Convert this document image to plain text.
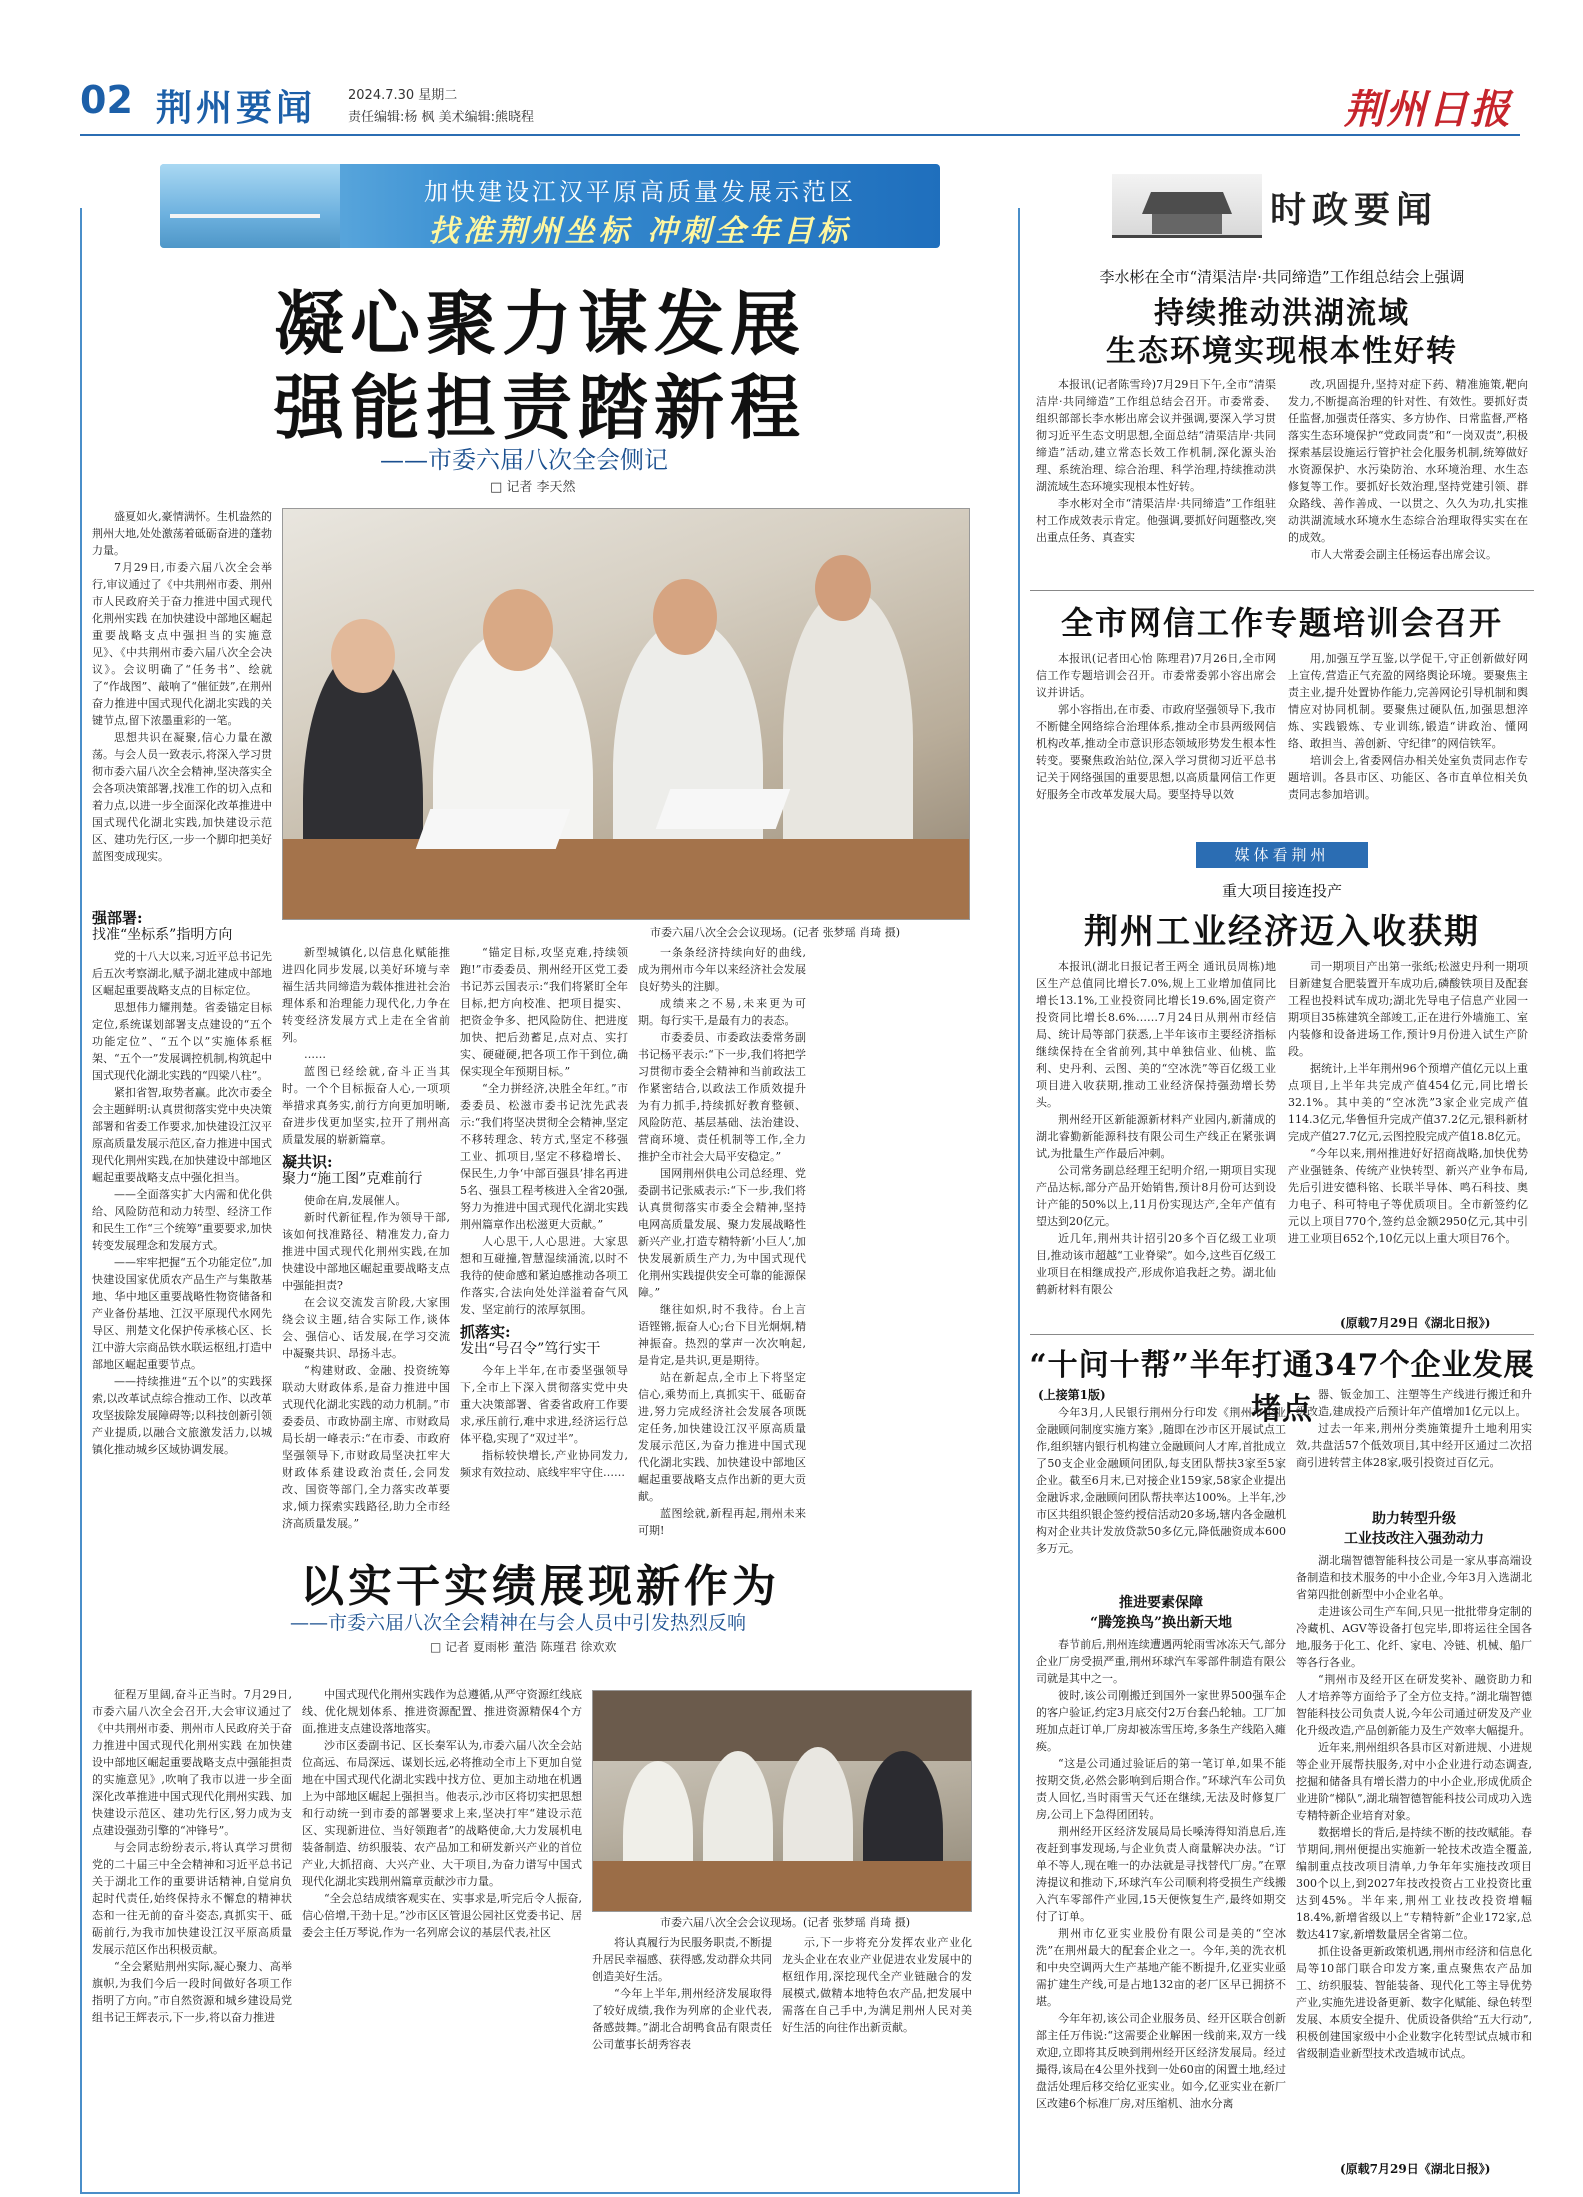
02 荆州要闻 2024.7.30 星期二
责任编辑:杨 枫 美术编辑:熊晓程	荆州日报
加快建设江汉平原高质量发展示范区
找准荆州坐标 冲刺全年目标
凝心聚力谋发展
强能担责踏新程
——市委六届八次全会侧记
□ 记者 李天然

盛夏如火,豪情满怀。生机盎然的荆州大地,处处激荡着砥砺奋进的蓬勃力量。

7月29日,市委六届八次全会举行,审议通过了《中共荆州市委、荆州市人民政府关于奋力推进中国式现代化荆州实践 在加快建设中部地区崛起重要战略支点中强担当的实施意见》、《中共荆州市委六届八次全会决议》。会议明确了“任务书”、绘就了“作战图”、敲响了“催征鼓”,在荆州奋力推进中国式现代化湖北实践的关键节点,留下浓墨重彩的一笔。

思想共识在凝聚,信心力量在激荡。与会人员一致表示,将深入学习贯彻市委六届八次全会精神,坚决落实全会各项决策部署,找准工作的切入点和着力点,以进一步全面深化改革推进中国式现代化湖北实践,加快建设示范区、建功先行区,一步一个脚印把美好蓝图变成现实。

市委六届八次全会会议现场。(记者 张梦瑶 肖琦 摄)
强部署:
找准“坐标系”指明方向

党的十八大以来,习近平总书记先后五次考察湖北,赋予湖北建成中部地区崛起重要战略支点的目标定位。

思想伟力耀荆楚。省委锚定目标定位,系统谋划部署支点建设的“五个功能定位”、“五个以”实施体系框架、“五个一”发展调控机制,构筑起中国式现代化湖北实践的“四梁八柱”。

紧扣省智,取势者赢。此次市委全会主题鲜明:认真贯彻落实党中央决策部署和省委工作要求,加快建设江汉平原高质量发展示范区,奋力推进中国式现代化荆州实践,在加快建设中部地区崛起重要战略支点中强化担当。

——全面落实扩大内需和优化供给、风险防范和动力转型、经济工作和民生工作“三个统筹”重要要求,加快转变发展理念和发展方式。

——牢牢把握“五个功能定位”,加快建设国家优质农产品生产与集散基地、华中地区重要战略性物资储备和产业备份基地、江汉平原现代水网先导区、荆楚文化保护传承核心区、长江中游大宗商品铁水联运枢纽,打造中部地区崛起重要节点。

——持续推进“五个以”的实践探索,以改革试点综合推动工作、以改革攻坚拔除发展障碍等;以科技创新引领产业提质,以融合文旅激发活力,以城镇化推动城乡区域协调发展。

新型城镇化,以信息化赋能推进四化同步发展,以美好环境与幸福生活共同缔造为载体推进社会治理体系和治理能力现代化,力争在转变经济发展方式上走在全省前列。

……

蓝图已经绘就,奋斗正当其时。一个个目标振奋人心,一项项举措求真务实,前行方向更加明晰,奋进步伐更加坚实,拉开了荆州高质量发展的崭新篇章。

凝共识:
聚力“施工图”克难前行

使命在肩,发展催人。

新时代新征程,作为领导干部,该如何找准路径、精准发力,奋力推进中国式现代化荆州实践,在加快建设中部地区崛起重要战略支点中强能担责?

在会议交流发言阶段,大家围绕会议主题,结合实际工作,谈体会、强信心、话发展,在学习交流中凝聚共识、昂扬斗志。

“构建财政、金融、投资统筹联动大财政体系,是奋力推进中国式现代化湖北实践的动力机制。”市委委员、市政协副主席、市财政局局长胡一峰表示:“在市委、市政府坚强领导下,市财政局坚决扛牢大财政体系建设政治责任,会同发改、国资等部门,全力落实改革要求,倾力探索实践路径,助力全市经济高质量发展。”

“锚定目标,攻坚克难,持续领跑!”市委委员、荆州经开区党工委书记苏云国表示:“我们将紧盯全年目标,把方向校准、把项目提实、把资金争多、把风险防住、把进度加快、把后劲蓄足,点对点、实打实、硬碰硬,把各项工作干到位,确保实现全年预期目标。”

“全力拼经济,决胜全年红。”市委委员、松滋市委书记沈先武表示:“我们将坚决贯彻全会精神,坚定不移转理念、转方式,坚定不移强工业、抓项目,坚定不移稳增长、保民生,力争‘中部百强县’排名再进5名、强县工程考核进入全省20强,努力为推进中国式现代化湖北实践荆州篇章作出松滋更大贡献。”

人心思干,人心思进。大家思想和互碰撞,智慧湿续涌流,以时不我待的使命感和紧迫感推动各项工作落实,合法向处处洋溢着奋气风发、坚定前行的浓厚氛围。

抓落实:
发出“号召令”笃行实干

今年上半年,在市委坚强领导下,全市上下深入贯彻落实党中央重大决策部署、省委省政府工作要求,承压前行,难中求进,经济运行总体平稳,实现了“双过半”。

指标较快增长,产业协同发力,频求有效拉动、底线牢牢守住……

一条条经济持续向好的曲线,成为荆州市今年以来经济社会发展良好势头的注脚。

成绩来之不易,未来更为可期。每行实干,是最有力的表态。

市委委员、市委政法委常务副书记杨平表示:“下一步,我们将把学习贯彻市委全会精神和当前政法工作紧密结合,以政法工作质效提升为有力抓手,持续抓好教育整顿、风险防范、基层基础、法治建设、营商环境、责任机制等工作,全力推护全市社会大局平安稳定。”

国网荆州供电公司总经理、党委副书记张威表示:“下一步,我们将认真贯彻落实市委全会精神,坚持电网高质量发展、聚力发展战略性新兴产业,打造专精特新‘小巨人’,加快发展新质生产力,为中国式现代化荆州实践提供安全可靠的能源保障。”

继往如炽,时不我待。台上言语铿锵,振奋人心;台下目光炯炯,精神振奋。热烈的掌声一次次响起,是肯定,是共识,更是期待。

站在新起点,全市上下将坚定信心,乘势而上,真抓实干、砥砺奋进,努力完成经济社会发展各项既定任务,加快建设江汉平原高质量发展示范区,为奋力推进中国式现代化湖北实践、加快建设中部地区崛起重要战略支点作出新的更大贡献。

蓝图绘就,新程再起,荆州未来可期!

以实干实绩展现新作为
——市委六届八次全会精神在与会人员中引发热烈反响
□ 记者 夏雨彬 董浩 陈瑾君 徐欢欢

征程万里阔,奋斗正当时。7月29日,市委六届八次全会召开,大会审议通过了《中共荆州市委、荆州市人民政府关于奋力推进中国式现代化荆州实践 在加快建设中部地区崛起重要战略支点中强能担责的实施意见》,吹响了我市以进一步全面深化改革推进中国式现代化荆州实践、加快建设示范区、建功先行区,努力成为支点建设强劲引擎的“冲锋号”。

与会同志纷纷表示,将认真学习贯彻党的二十届三中全会精神和习近平总书记关于湖北工作的重要讲话精神,自觉肩负起时代责任,始终保持永不懈怠的精神状态和一往无前的奋斗姿态,真抓实干、砥砺前行,为我市加快建设江汉平原高质量发展示范区作出积极贡献。

“全会紧贴荆州实际,凝心聚力、高举旗帜,为我们今后一段时间做好各项工作指明了方向。”市自然资源和城乡建设局党组书记王辉表示,下一步,将以奋力推进

中国式现代化荆州实践作为总遵循,从严守资源红线底线、优化规划体系、推进资源配置、推进资源精保4个方面,推进支点建设落地落实。

沙市区委副书记、区长秦军认为,市委六届八次全会站位高远、布局深远、谋划长远,必将推动全市上下更加自觉地在中国式现代化湖北实践中找方位、更加主动地在机遇上为中部地区崛起上强担当。他表示,沙市区将切实把思想和行动统一到市委的部署要求上来,坚决打牢“建设示范区、实现新进位、当好领跑者”的战略使命,大力发展机电装备制造、纺织服装、农产品加工和研发新兴产业的首位产业,大抓招商、大兴产业、大干项目,为奋力谱写中国式现代化湖北实践荆州篇章贡献沙市力量。

“全会总结成绩客观实在、实事求是,听完后令人振奋,信心倍增,干劲十足。”沙市区区管退公园社区党委书记、居委会主任万琴说,作为一名列席会议的基层代表,社区

市委六届八次全会会议现场。(记者 张梦瑶 肖琦 摄)

将认真履行为民服务职责,不断提升居民幸福感、获得感,发动群众共同创造美好生活。

“今年上半年,荆州经济发展取得了较好成绩,我作为列席的企业代表,备感鼓舞。”湖北合胡鸭食品有限责任公司董事长胡秀容表

示,下一步将充分发挥农业产业化龙头企业在农业产业促进农业发展中的枢纽作用,深挖现代全产业链融合的发展模式,做精本地特色农产品,把发展中需落在自己手中,为满足荆州人民对美好生活的向往作出新贡献。

时政要闻
李水彬在全市“清渠洁岸·共同缔造”工作组总结会上强调
持续推动洪湖流域
生态环境实现根本性好转

本报讯(记者陈雪玲)7月29日下午,全市“清渠洁岸·共同缔造”工作组总结会召开。市委常委、组织部部长李水彬出席会议并强调,要深入学习贯彻习近平生态文明思想,全面总结“清渠洁岸·共同缔造”活动,建立常态长效工作机制,深化源头治理、系统治理、综合治理、科学治理,持续推动洪湖流域生态环境实现根本性好转。

李水彬对全市“清渠洁岸·共同缔造”工作组驻村工作成效表示肯定。他强调,要抓好问题整改,突出重点任务、真查实

改,巩固提升,坚持对症下药、精准施策,靶向发力,不断提高治理的针对性、有效性。要抓好责任监督,加强责任落实、多方协作、日常监督,严格落实生态环境保护“党政同责”和“一岗双责”,积极探索基层设施运行管护社会化服务机制,统筹做好水资源保护、水污染防治、水环境治理、水生态修复等工作。要抓好长效治理,坚持党建引领、群众路线、善作善成、一以贯之、久久为功,扎实推动洪湖流域水环境水生态综合治理取得实实在在的成效。

市人大常委会副主任杨运春出席会议。

全市网信工作专题培训会召开

本报讯(记者田心怡 陈理君)7月26日,全市网信工作专题培训会召开。市委常委郭小容出席会议并讲话。

郭小容指出,在市委、市政府坚强领导下,我市不断健全网络综合治理体系,推动全市县两级网信机构改革,推动全市意识形态领域形势发生根本性转变。要聚焦政治站位,深入学习贯彻习近平总书记关于网络强国的重要思想,以高质量网信工作更好服务全市改革发展大局。要坚持导以效

用,加强互学互鉴,以学促干,守正创新做好网上宣传,营造正气充盈的网络舆论环境。要聚焦主责主业,提升处置协作能力,完善网论引导机制和舆情应对协同机制。要聚焦过硬队伍,加强思想淬炼、实践锻炼、专业训练,锻造“讲政治、懂网络、敢担当、善创新、守纪律”的网信铁军。

培训会上,省委网信办相关处室负责同志作专题培训。各县市区、功能区、各市直单位相关负责同志参加培训。

媒体看荆州
重大项目接连投产
荆州工业经济迈入收获期

本报讯(湖北日报记者王两全 通讯员周栋)地区生产总值同比增长7.0%,规上工业增加值同比增长13.1%,工业投资同比增长19.6%,固定资产投资同比增长8.6%……7月24日从荆州市经信局、统计局等部门获悉,上半年该市主要经济指标继续保持在全省前列,其中单独信业、仙桃、监利、史丹利、云图、美的“空冰洗”等百亿级工业项目进入收获期,推动工业经济保持强劲增长势头。

荆州经开区新能源新材料产业园内,新蒲成的湖北睿勤新能源科技有限公司生产线正在紧张调试,为批量生产作最后冲刺。

公司常务副总经理王纪明介绍,一期项目实现产品达标,部分产品开始销售,预计8月份可达到设计产能的50%以上,11月份实现达产,全年产值有望达到20亿元。

近几年,荆州共计招引20多个百亿级工业项目,推动该市超越“工业脊梁”。如今,这些百亿级工业项目在相继成投产,形成你追我赶之势。湖北仙鹤新材料有限公

司一期项目产出第一张纸;松滋史丹利一期项目新建复合肥装置开车成功后,磷酸铁项目及配套工程也投料试车成功;湖北先导电子信息产业园一期项目35栋建筑全部竣工,正在进行外墙施工、室内装修和设备进场工作,预计9月份进入试生产阶段。

据统计,上半年荆州96个预增产值亿元以上重点项目,上半年共完成产值454亿元,同比增长32.1%。其中美的“空冰洗”3家企业完成产值114.3亿元,华鲁恒升完成产值37.2亿元,银科新材完成产值27.7亿元,云图控股完成产值18.8亿元。

“今年以来,荆州推进好好招商战略,加快优势产业强链条、传统产业快转型、新兴产业争布局,先后引进安德科铭、长联半导体、鸣石科技、奥力电子、科可特电子等优质项目。全市新签约亿元以上项目770个,签约总金额2950亿元,其中引进工业项目652个,10亿元以上重大项目76个。

(原载7月29日《湖北日报》)
“十问十帮”半年打通347个企业发展堵点
(上接第1版)

今年3月,人民银行荆州分行印发《荆州市企业金融顾问制度实施方案》,随即在沙市区开展试点工作,组织辖内银行机构建立金融顾问人才库,首批成立了50支企业金融顾问团队,每支团队帮扶3家至5家企业。截至6月末,已对接企业159家,58家企业提出金融诉求,金融顾问团队帮扶率达100%。上半年,沙市区共组织银企签约授信活动20多场,辖内各金融机构对企业共计发放贷款50多亿元,降低融资成本600多万元。

推进要素保障
“腾笼换鸟”换出新天地

春节前后,荆州连续遭遇两轮雨雪冰冻天气,部分企业厂房受损严重,荆州环球汽车零部件制造有限公司就是其中之一。

彼时,该公司刚搬迁到国外一家世界500强车企的客户验证,约定3月底交付2万台套凸轮轴。工厂加班加点赶订单,厂房却被冻雪压垮,多条生产线陷入瘫痪。

“这是公司通过验证后的第一笔订单,如果不能按期交货,必然会影响到后期合作。”环球汽车公司负责人回忆,当时雨雪天气还在继续,无法及时修复厂房,公司上下急得团团转。

荆州经开区经济发展局局长嗓涛得知消息后,连夜赶到事发现场,与企业负责人商量解决办法。“订单不等人,现在唯一的办法就是寻找替代厂房。”在覃涛提议和推动下,环球汽车公司顺利将受损生产线搬入汽车零部件产业园,15天便恢复生产,最终如期交付了订单。

荆州市亿亚实业股份有限公司是美的“空冰洗”在荆州最大的配套企业之一。今年,美的洗衣机和中央空调两大生产基地产能不断提升,亿亚实业亟需扩建生产线,可是占地132亩的老厂区早已拥挤不堪。

今年年初,该公司企业服务员、经开区联合创新部主任万伟说:“这需要企业解困一线前来,双方一线欢迎,立即将其反映到荆州经开区经济发展局。经过撮得,该局在4公里外找到一处60亩的闲置土地,经过盘活处理后移交给亿亚实业。如今,亿亚实业在新厂区改建6个标准厂房,对压缩机、油水分离

器、钣金加工、注塑等生产线进行搬迁和升级改造,建成投产后预计年产值增加1亿元以上。

过去一年来,荆州分类施策提升土地利用实效,共盘活57个低效项目,其中经开区通过二次招商引进转营主体28家,吸引投资过百亿元。

助力转型升级
工业技改注入强劲动力

湖北瑞智德智能科技公司是一家从事高端设备制造和技术服务的中小企业,今年3月入选湖北省第四批创新型中小企业名单。

走进该公司生产车间,只见一批批带身定制的冷藏机、AGV等设备打包完毕,即将运往全国各地,服务于化工、化纤、家电、冷链、机械、船厂等各行各业。

“荆州市及经开区在研发奖补、融资助力和人才培养等方面给予了全方位支持。”湖北瑞智德智能科技公司负责人说,今年公司通过研发及产业化升级改造,产品创新能力及生产效率大幅提升。

近年来,荆州组织各县市区对新进规、小进规等企业开展帮扶服务,对中小企业进行动态调查,挖掘和储备具有增长潜力的中小企业,形成优质企业进阶“梯队”,湖北瑞智德智能科技公司成功入选专精特新企业培育对象。

数据增长的背后,是持续不断的技改赋能。春节期间,荆州便提出实施新一轮技术改造全覆盖,编制重点技改项目清单,力争年年实施技改项目300个以上,到2027年技改投资占工业投资比重达到45%。半年来,荆州工业技改投资增幅18.4%,新增省级以上“专精特新”企业172家,总数达417家,新增数量居全省第二位。

抓住设备更新政策机遇,荆州市经济和信息化局等10部门联合印发方案,重点聚焦农产品加工、纺织服装、智能装备、现代化工等主导优势产业,实施先进设备更新、数字化赋能、绿色转型发展、本质安全提升、优质设备供给“五大行动”,积极创建国家级中小企业数字化转型试点城市和省级制造业新型技术改造城市试点。

(原载7月29日《湖北日报》)
